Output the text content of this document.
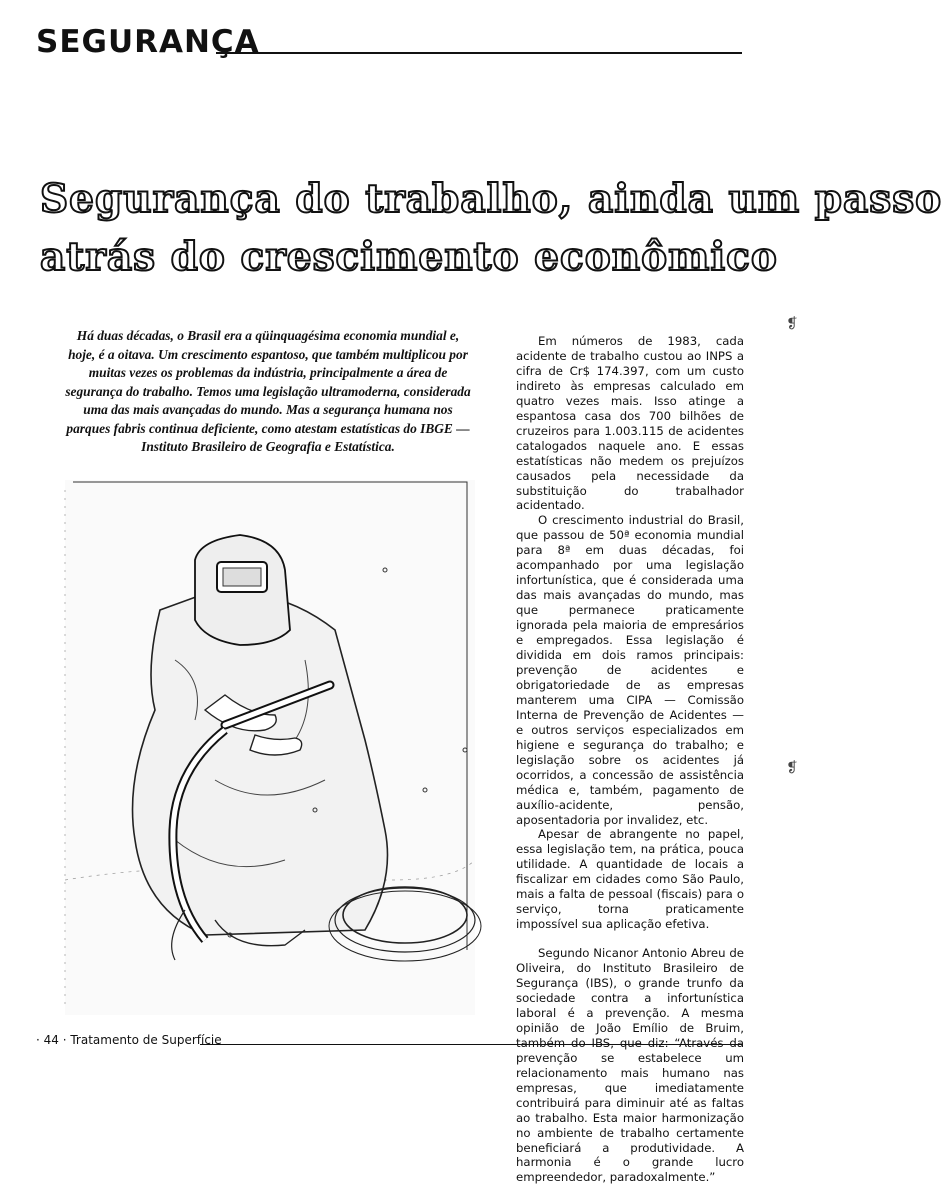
SEGURANÇA
Segurança do trabalho, ainda um passo
atrás do crescimento econômico

Há duas décadas, o Brasil era a qüinquagésima economia mundial e, hoje, é a oitava. Um crescimento espantoso, que também multiplicou por muitas vezes os problemas da indústria, principalmente a área de segurança do trabalho. Temos uma legislação ultramoderna, considerada uma das mais avançadas do mundo. Mas a segurança humana nos parques fabris continua deficiente, como atestam estatísticas do IBGE — Instituto Brasileiro de Geografia e Estatística.

Em números de 1983, cada acidente de trabalho custou ao INPS a cifra de Cr$ 174.397, com um custo indireto às empresas calculado em quatro vezes mais. Isso atinge a espantosa casa dos 700 bilhões de cruzeiros para 1.003.115 de acidentes catalogados naquele ano. E essas estatísticas não medem os prejuízos causados pela necessidade da substituição do trabalhador acidentado.

O crescimento industrial do Brasil, que passou de 50ª economia mundial para 8ª em duas décadas, foi acompanhado por uma legislação infortunística, que é considerada uma das mais avançadas do mundo, mas que permanece praticamente ignorada pela maioria de empresários e empregados. Essa legislação é dividida em dois ramos principais: prevenção de acidentes e obrigatoriedade de as empresas manterem uma CIPA — Comissão Interna de Prevenção de Acidentes — e outros serviços especializados em higiene e segurança do trabalho; e legislação sobre os acidentes já ocorridos, a concessão de assistência médica e, também, pagamento de auxílio-acidente, pensão, aposentadoria por invalidez, etc.

Apesar de abrangente no papel, essa legislação tem, na prática, pouca utilidade. A quantidade de locais a fiscalizar em cidades como São Paulo, mais a falta de pessoal (fiscais) para o serviço, torna praticamente impossível sua aplicação efetiva.

Segundo Nicanor Antonio Abreu de Oliveira, do Instituto Brasileiro de Segurança (IBS), o grande trunfo da sociedade contra a infortunística laboral é a prevenção. A mesma opinião de João Emílio de Bruim, também do IBS, que diz: “Através da prevenção se estabelece um relacionamento mais humano nas empresas, que imediatamente contribuirá para diminuir até as faltas ao trabalho. Esta maior harmonização no ambiente de trabalho certamente beneficiará a produtividade. A harmonia é o grande lucro empreendedor, paradoxalmente.”

· 44 · Tratamento de Superfície
❡
❡
